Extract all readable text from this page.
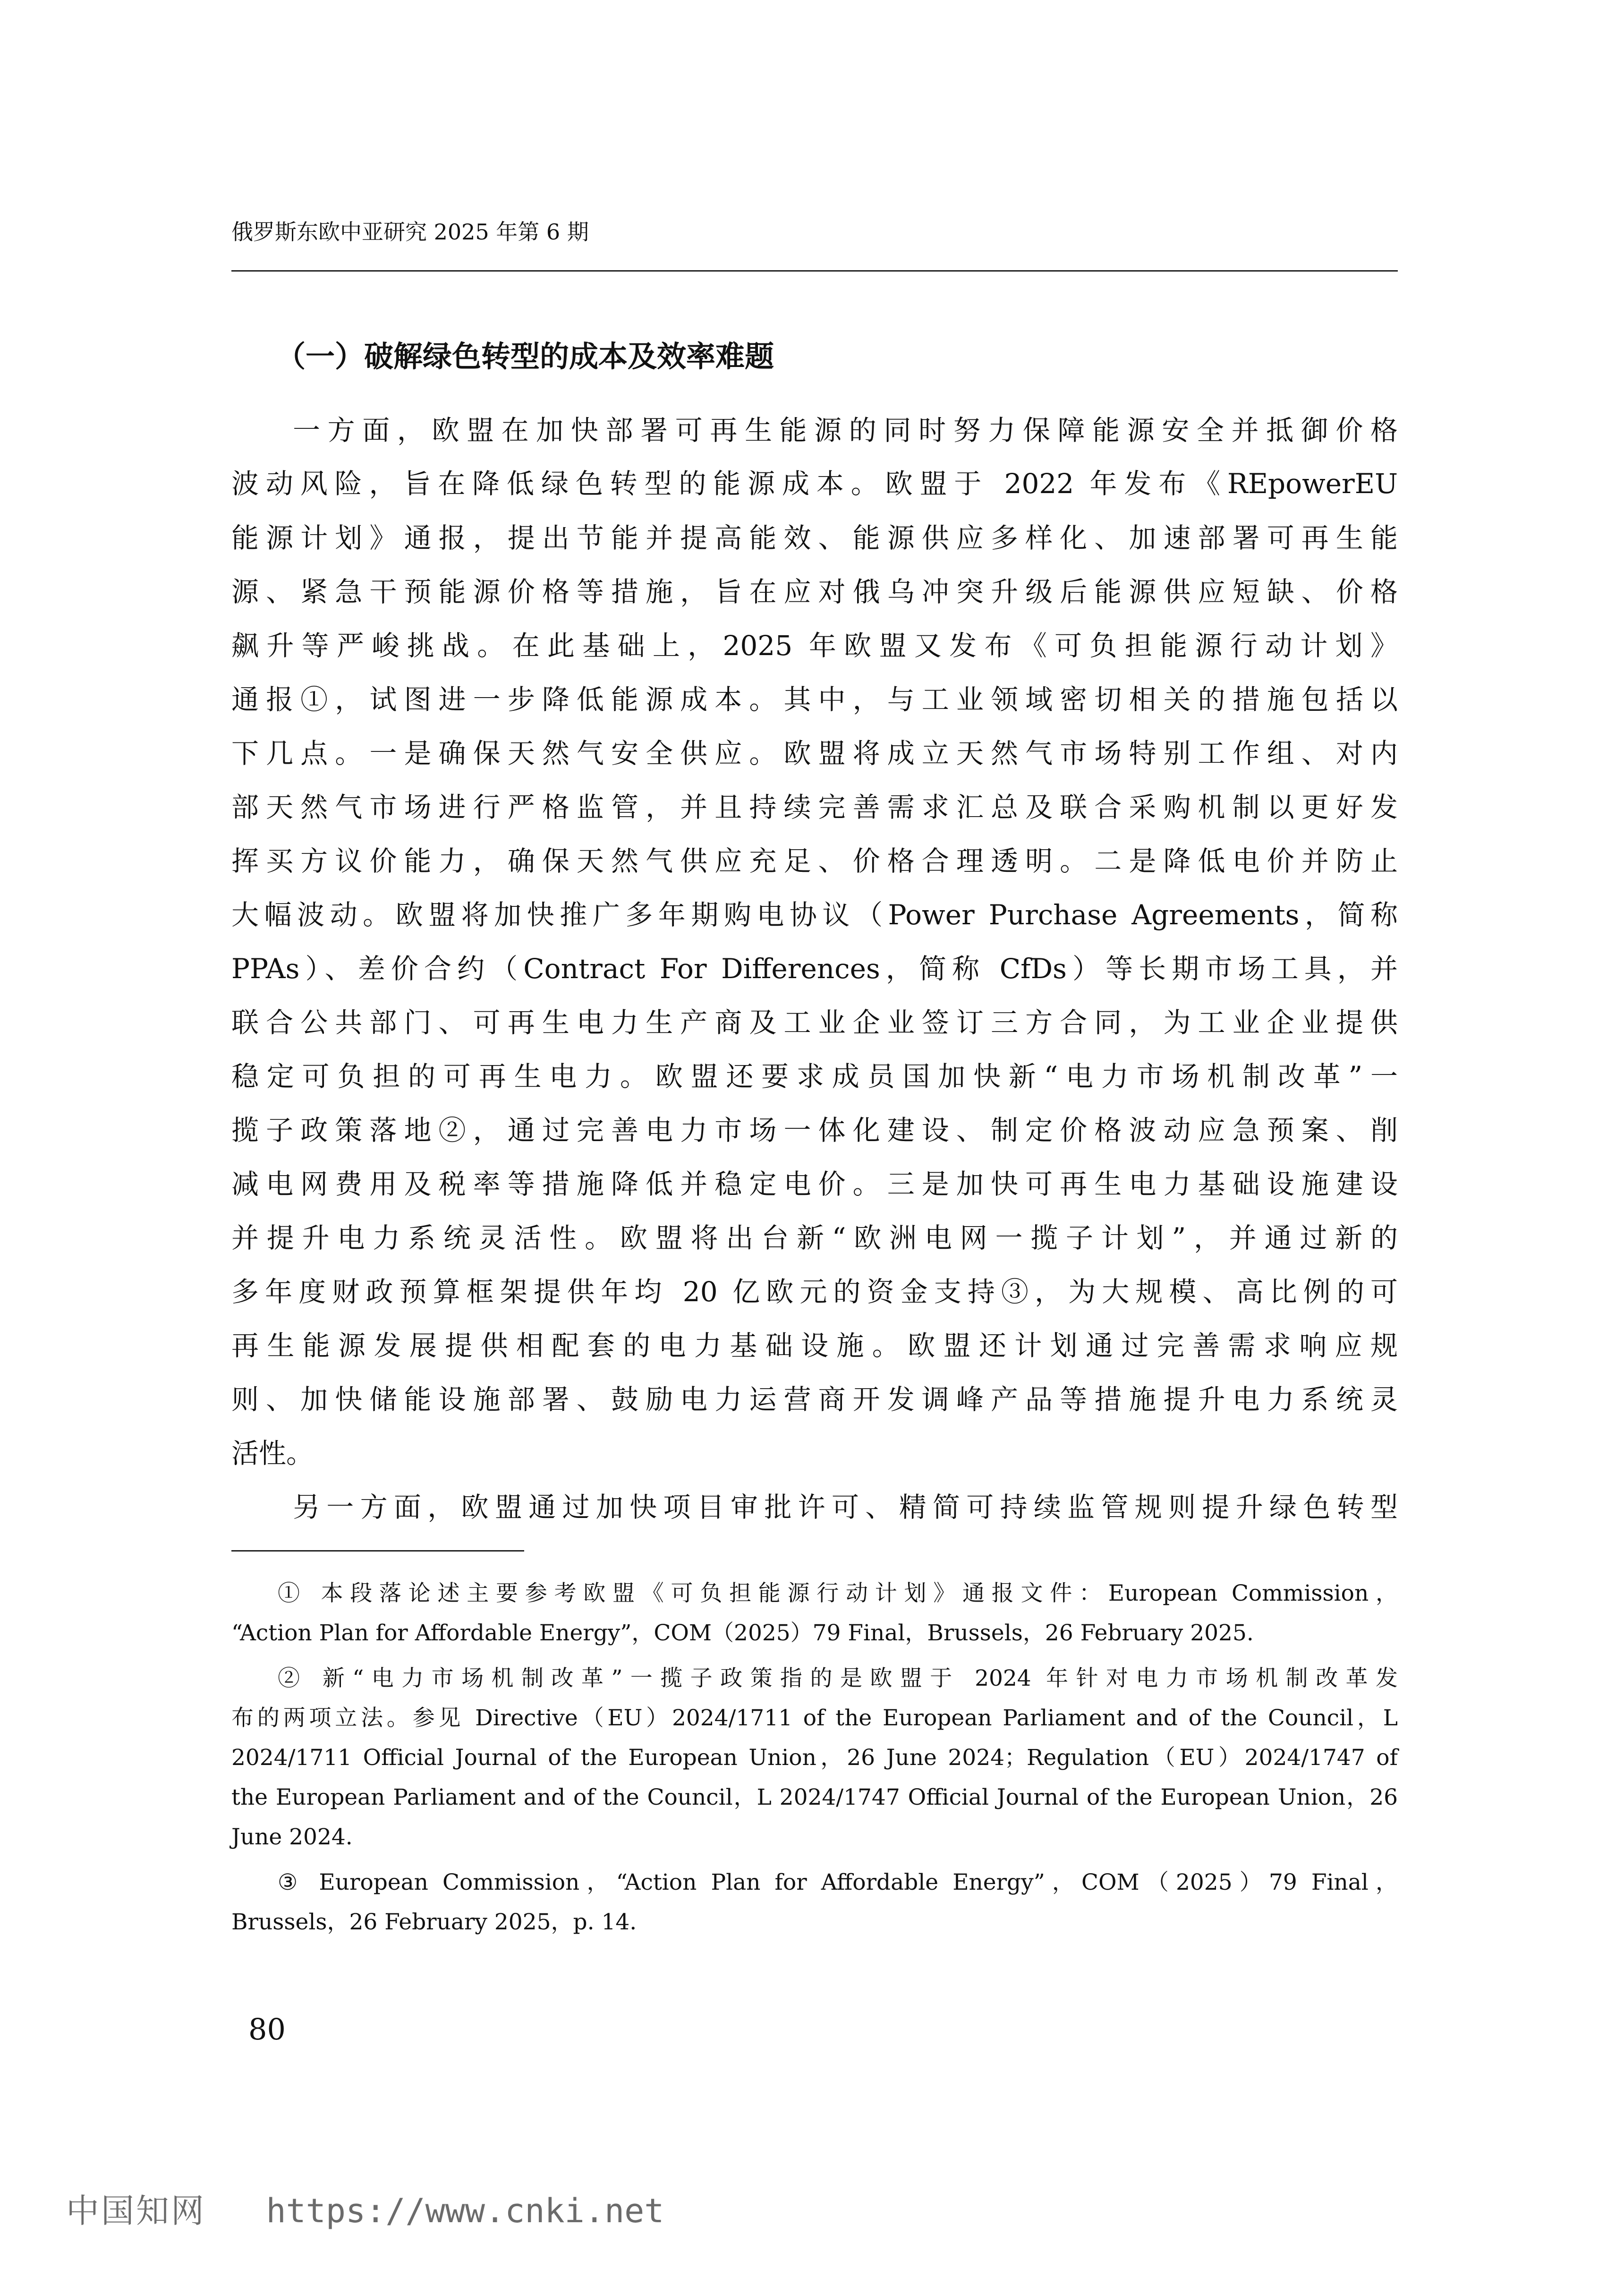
俄罗斯东欧中亚研究 2025 年第 6 期
（一）破解绿色转型的成本及效率难题
一方面，欧盟在加快部署可再生能源的同时努力保障能源安全并抵御价格
波动风险，旨在降低绿色转型的能源成本。欧盟于 2022 年发布《REpowerEU
能源计划》通报，提出节能并提高能效、能源供应多样化、加速部署可再生能
源、紧急干预能源价格等措施，旨在应对俄乌冲突升级后能源供应短缺、价格
飙升等严峻挑战。在此基础上，2025 年欧盟又发布《可负担能源行动计划》
通报①，试图进一步降低能源成本。其中，与工业领域密切相关的措施包括以
下几点。一是确保天然气安全供应。欧盟将成立天然气市场特别工作组、对内
部天然气市场进行严格监管，并且持续完善需求汇总及联合采购机制以更好发
挥买方议价能力，确保天然气供应充足、价格合理透明。二是降低电价并防止
大幅波动。欧盟将加快推广多年期购电协议（Power Purchase Agreements，简称
PPAs）、差价合约（Contract For Differences，简称 CfDs）等长期市场工具，并
联合公共部门、可再生电力生产商及工业企业签订三方合同，为工业企业提供
稳定可负担的可再生电力。欧盟还要求成员国加快新“电力市场机制改革”一
揽子政策落地②，通过完善电力市场一体化建设、制定价格波动应急预案、削
减电网费用及税率等措施降低并稳定电价。三是加快可再生电力基础设施建设
并提升电力系统灵活性。欧盟将出台新“欧洲电网一揽子计划”，并通过新的
多年度财政预算框架提供年均 20 亿欧元的资金支持③，为大规模、高比例的可
再生能源发展提供相配套的电力基础设施。欧盟还计划通过完善需求响应规
则、加快储能设施部署、鼓励电力运营商开发调峰产品等措施提升电力系统灵
活性。
另一方面，欧盟通过加快项目审批许可、精简可持续监管规则提升绿色转型
① 本段落论述主要参考欧盟《可负担能源行动计划》通报文件：European Commission，
“Action Plan for Affordable Energy”，COM（2025）79 Final，Brussels，26 February 2025.
② 新“电力市场机制改革”一揽子政策指的是欧盟于 2024 年针对电力市场机制改革发
布的两项立法。参见 Directive（EU）2024/1711 of the European Parliament and of the Council，L
2024/1711 Official Journal of the European Union，26 June 2024；Regulation（EU）2024/1747 of
the European Parliament and of the Council，L 2024/1747 Official Journal of the European Union，26
June 2024.
③ European Commission，“Action Plan for Affordable Energy”，COM（2025）79 Final，
Brussels，26 February 2025，p. 14.
80
中国知网 https://www.cnki.net
